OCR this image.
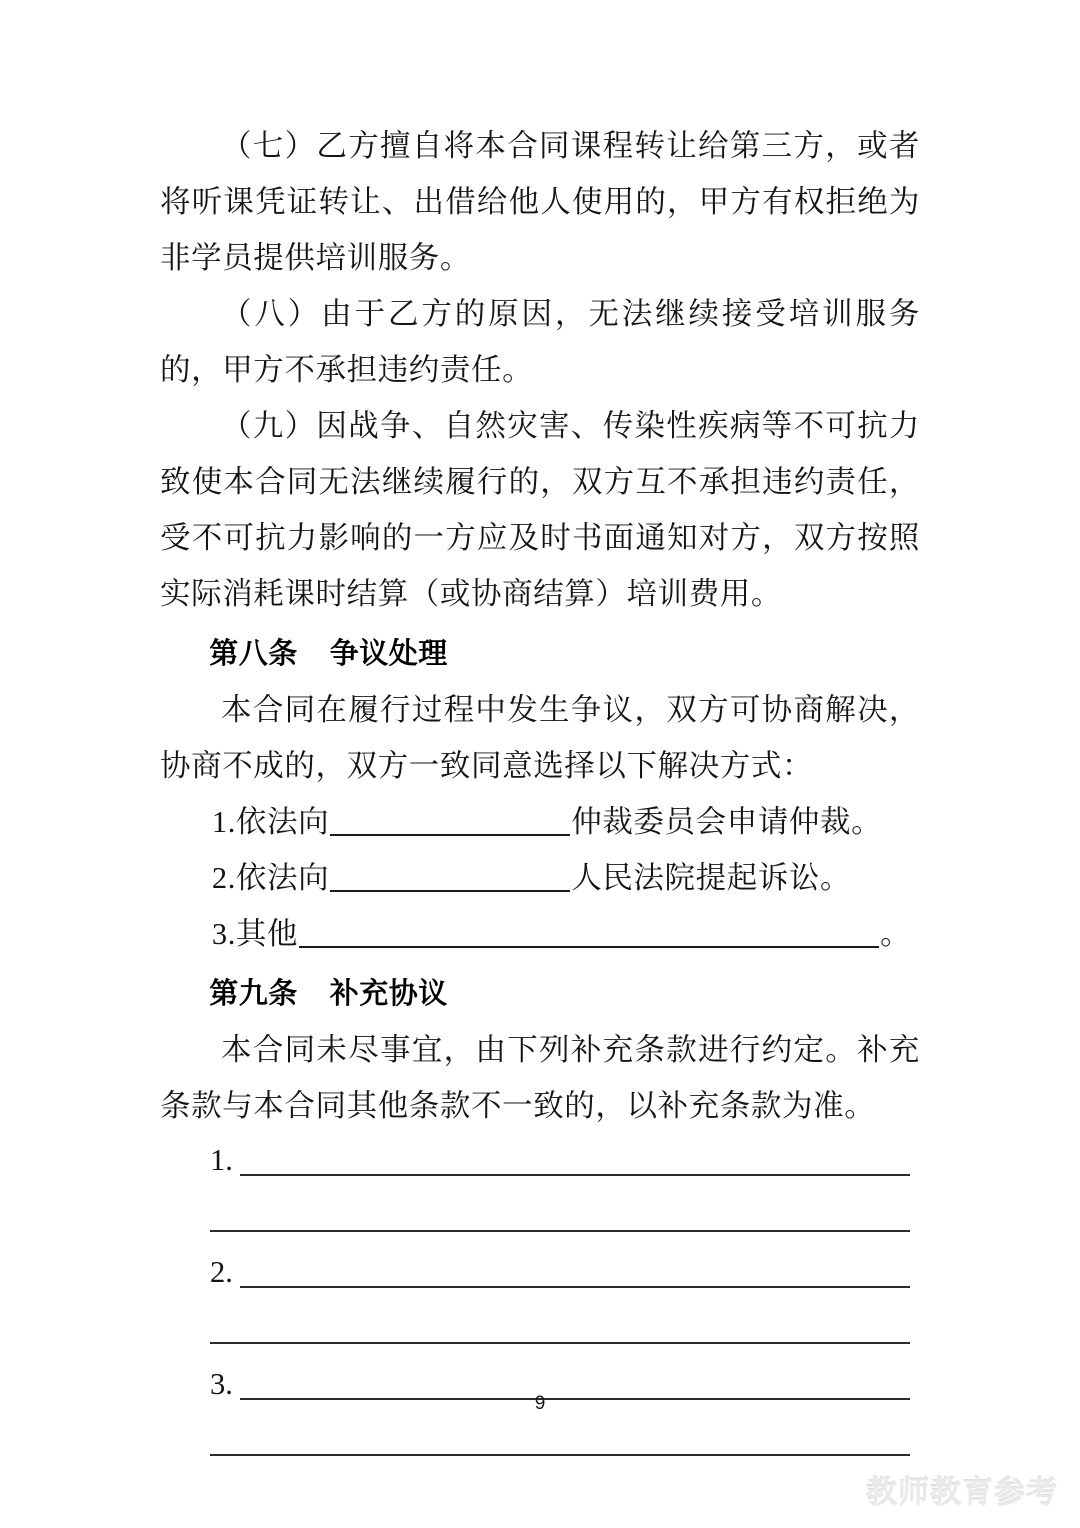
（七）乙方擅自将本合同课程转让给第三方，或者将听课凭证转让、出借给他人使用的，甲方有权拒绝为非学员提供培训服务。

（八）由于乙方的原因，无法继续接受培训服务的，甲方不承担违约责任。

（九）因战争、自然灾害、传染性疾病等不可抗力致使本合同无法继续履行的，双方互不承担违约责任，受不可抗力影响的一方应及时书面通知对方，双方按照实际消耗课时结算（或协商结算）培训费用。

第八条 争议处理

本合同在履行过程中发生争议，双方可协商解决，协商不成的，双方一致同意选择以下解决方式：

1.依法向	仲裁委员会申请仲裁。

2.依法向	人民法院提起诉讼。

3.其他	。

第九条 补充协议

本合同未尽事宜，由下列补充条款进行约定。补充条款与本合同其他条款不一致的，以补充条款为准。

1.
2.
3.
9
教师教育参考
